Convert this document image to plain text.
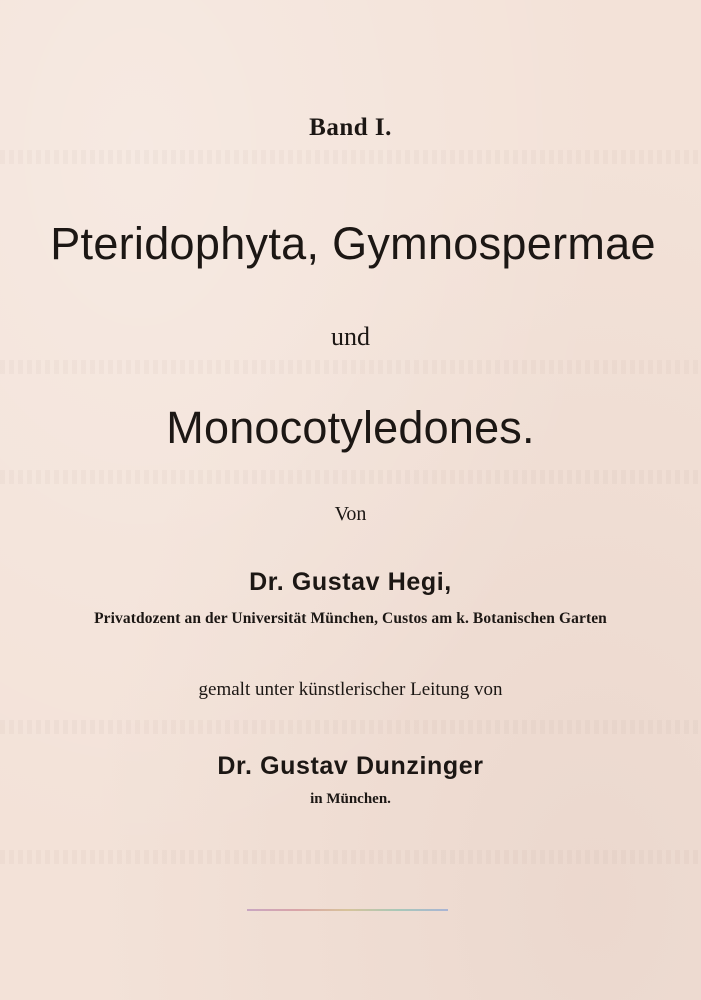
Band I.
Pteridophyta, Gymnospermae
und
Monocotyledones.
Von
Dr. Gustav Hegi,
Privatdozent an der Universität München, Custos am k. Botanischen Garten
gemalt unter künstlerischer Leitung von
Dr. Gustav Dunzinger
in München.
